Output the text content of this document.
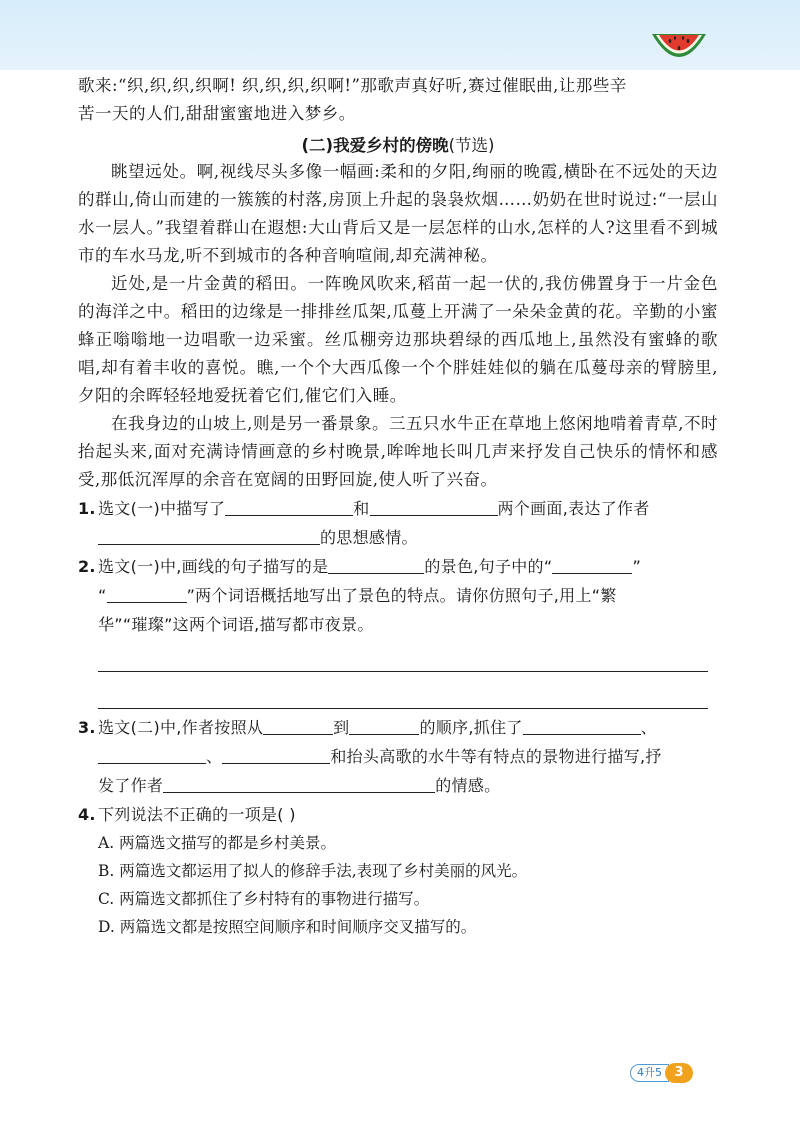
歌来:“织,织,织,织啊! 织,织,织,织啊!”那歌声真好听,赛过催眠曲,让那些辛

苦一天的人们,甜甜蜜蜜地进入梦乡。

(二)我爱乡村的傍晚(节选)

眺望远处。啊,视线尽头多像一幅画:柔和的夕阳,绚丽的晚霞,横卧在不远处的天边的群山,倚山而建的一簇簇的村落,房顶上升起的袅袅炊烟……奶奶在世时说过:“一层山水一层人。”我望着群山在遐想:大山背后又是一层怎样的山水,怎样的人?这里看不到城市的车水马龙,听不到城市的各种音响喧闹,却充满神秘。

近处,是一片金黄的稻田。一阵晚风吹来,稻苗一起一伏的,我仿佛置身于一片金色的海洋之中。稻田的边缘是一排排丝瓜架,瓜蔓上开满了一朵朵金黄的花。辛勤的小蜜蜂正嗡嗡地一边唱歌一边采蜜。丝瓜棚旁边那块碧绿的西瓜地上,虽然没有蜜蜂的歌唱,却有着丰收的喜悦。瞧,一个个大西瓜像一个个胖娃娃似的躺在瓜蔓母亲的臂膀里,夕阳的余晖轻轻地爱抚着它们,催它们入睡。

在我身边的山坡上,则是另一番景象。三五只水牛正在草地上悠闲地啃着青草,不时抬起头来,面对充满诗情画意的乡村晚景,哞哞地长叫几声来抒发自己快乐的情怀和感受,那低沉浑厚的余音在宽阔的田野回旋,使人听了兴奋。

1. 选文(一)中描写了	和	两个画面,表达了作者
的思想感情。
2. 选文(一)中,画线的句子描写的是	的景色,句子中的“	”
“	”两个词语概括地写出了景色的特点。请你仿照句子,用上“繁
华”“璀璨”这两个词语,描写都市夜景。
3. 选文(二)中,作者按照从	到	的顺序,抓住了	、
、	和抬头高歌的水牛等有特点的景物进行描写,抒
发了作者	的情感。
4. 下列说法不正确的一项是( )
A. 两篇选文描写的都是乡村美景。
B. 两篇选文都运用了拟人的修辞手法,表现了乡村美丽的风光。
C. 两篇选文都抓住了乡村特有的事物进行描写。
D. 两篇选文都是按照空间顺序和时间顺序交叉描写的。
4升5 3
